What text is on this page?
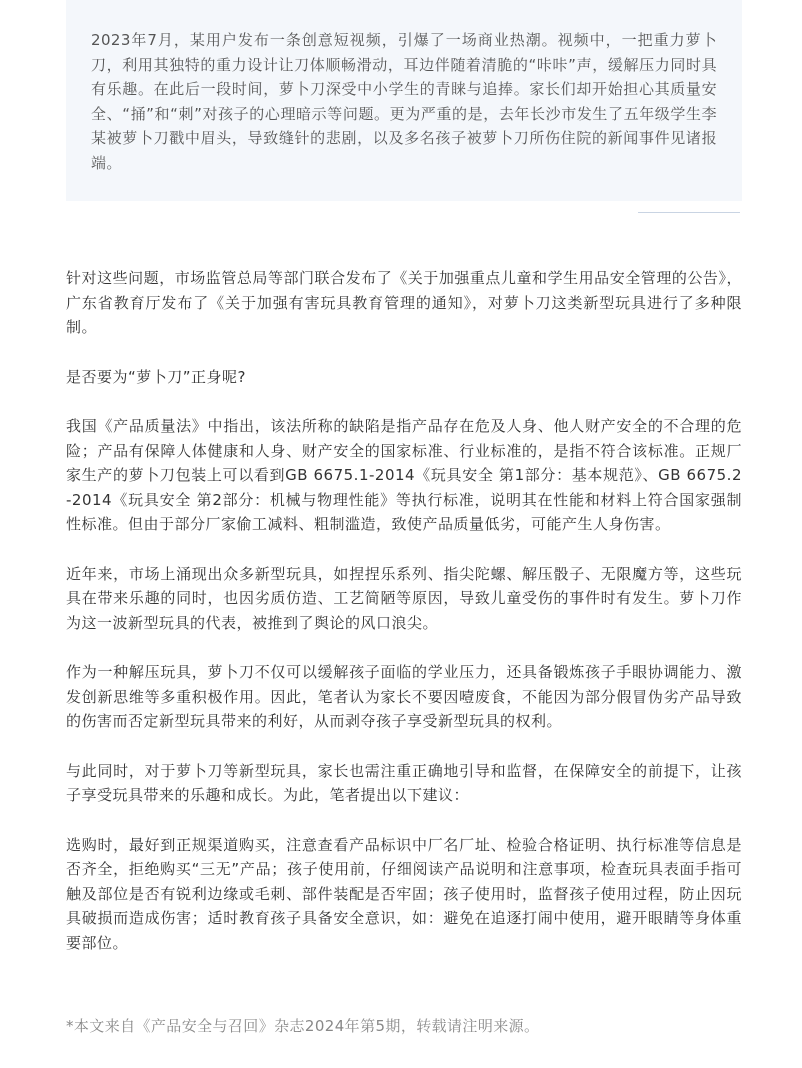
2023年7月，某用户发布一条创意短视频，引爆了一场商业热潮。视频中，一把重力萝卜刀，利用其独特的重力设计让刀体顺畅滑动，耳边伴随着清脆的“咔咔”声，缓解压力同时具有乐趣。在此后一段时间，萝卜刀深受中小学生的青睐与追捧。家长们却开始担心其质量安全、“捅”和“刺”对孩子的心理暗示等问题。更为严重的是，去年长沙市发生了五年级学生李某被萝卜刀戳中眉头，导致缝针的悲剧，以及多名孩子被萝卜刀所伤住院的新闻事件见诸报端。

针对这些问题，市场监管总局等部门联合发布了《关于加强重点儿童和学生用品安全管理的公告》，广东省教育厅发布了《关于加强有害玩具教育管理的通知》，对萝卜刀这类新型玩具进行了多种限制。

是否要为“萝卜刀”正身呢?

我国《产品质量法》中指出，该法所称的缺陷是指产品存在危及人身、他人财产安全的不合理的危险；产品有保障人体健康和人身、财产安全的国家标准、行业标准的，是指不符合该标准。正规厂家生产的萝卜刀包装上可以看到GB 6675.1-2014《玩具安全 第1部分：基本规范》、GB 6675.2 -2014《玩具安全 第2部分：机械与物理性能》等执行标准，说明其在性能和材料上符合国家强制性标准。但由于部分厂家偷工减料、粗制滥造，致使产品质量低劣，可能产生人身伤害。

近年来，市场上涌现出众多新型玩具，如捏捏乐系列、指尖陀螺、解压骰子、无限魔方等，这些玩具在带来乐趣的同时，也因劣质仿造、工艺简陋等原因，导致儿童受伤的事件时有发生。萝卜刀作为这一波新型玩具的代表，被推到了舆论的风口浪尖。

作为一种解压玩具，萝卜刀不仅可以缓解孩子面临的学业压力，还具备锻炼孩子手眼协调能力、激发创新思维等多重积极作用。因此，笔者认为家长不要因噎废食，不能因为部分假冒伪劣产品导致的伤害而否定新型玩具带来的利好，从而剥夺孩子享受新型玩具的权利。

与此同时，对于萝卜刀等新型玩具，家长也需注重正确地引导和监督，在保障安全的前提下，让孩子享受玩具带来的乐趣和成长。为此，笔者提出以下建议：

选购时，最好到正规渠道购买，注意查看产品标识中厂名厂址、检验合格证明、执行标准等信息是否齐全，拒绝购买“三无”产品；孩子使用前，仔细阅读产品说明和注意事项，检查玩具表面手指可触及部位是否有锐利边缘或毛刺、部件装配是否牢固；孩子使用时，监督孩子使用过程，防止因玩具破损而造成伤害；适时教育孩子具备安全意识，如：避免在追逐打闹中使用，避开眼睛等身体重要部位。

*本文来自《产品安全与召回》杂志2024年第5期，转载请注明来源。
